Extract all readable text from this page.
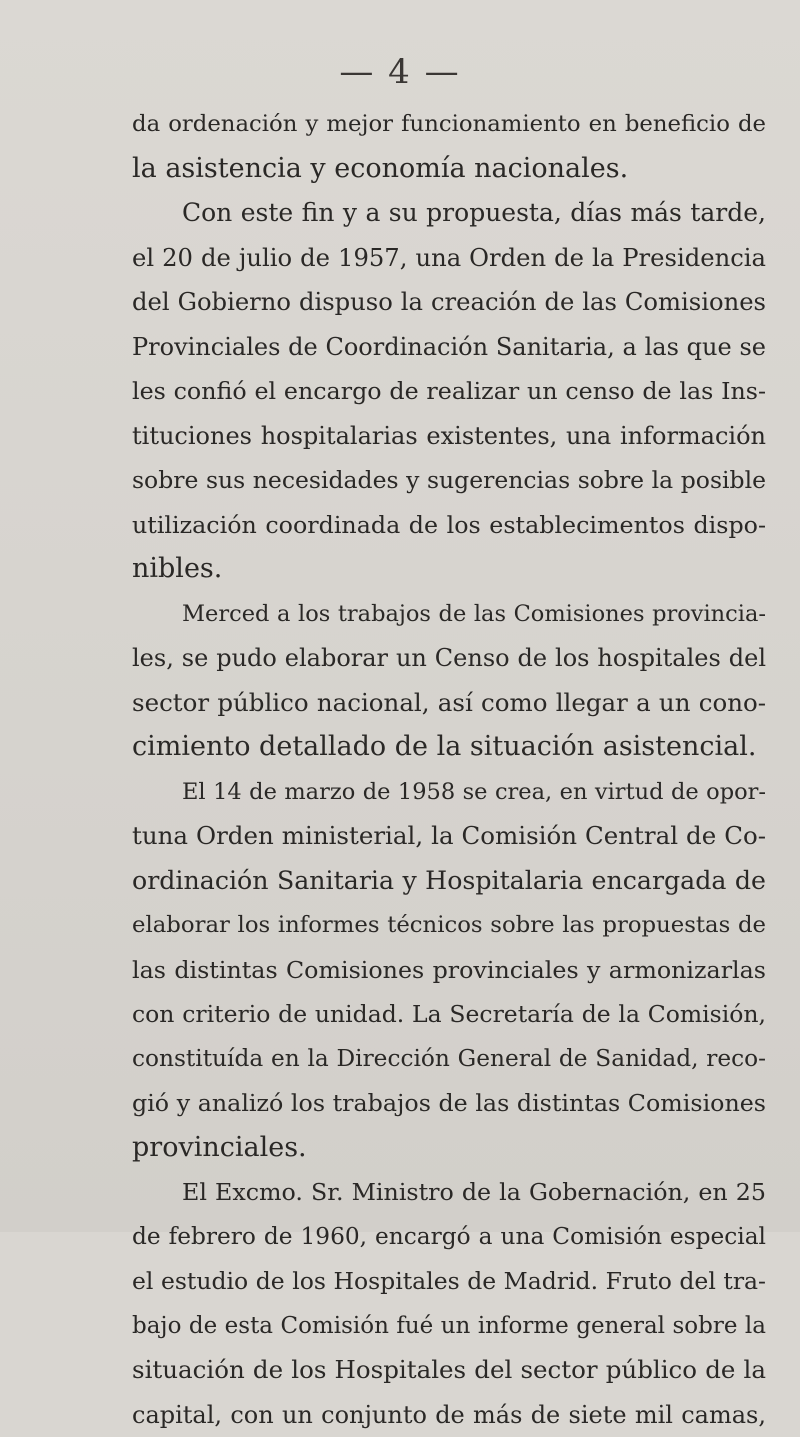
— 4 —
da ordenación y mejor funcionamiento en beneficio de
la asistencia y economía nacionales.
Con este fin y a su propuesta, días más tarde,
el 20 de julio de 1957, una Orden de la Presidencia
del Gobierno dispuso la creación de las Comisiones
Provinciales de Coordinación Sanitaria, a las que se
les confió el encargo de realizar un censo de las Ins-
tituciones hospitalarias existentes, una información
sobre sus necesidades y sugerencias sobre la posible
utilización coordinada de los establecimentos dispo-
nibles.
Merced a los trabajos de las Comisiones provincia-
les, se pudo elaborar un Censo de los hospitales del
sector público nacional, así como llegar a un cono-
cimiento detallado de la situación asistencial.
El 14 de marzo de 1958 se crea, en virtud de opor-
tuna Orden ministerial, la Comisión Central de Co-
ordinación Sanitaria y Hospitalaria encargada de
elaborar los informes técnicos sobre las propuestas de
las distintas Comisiones provinciales y armonizarlas
con criterio de unidad. La Secretaría de la Comisión,
constituída en la Dirección General de Sanidad, reco-
gió y analizó los trabajos de las distintas Comisiones
provinciales.
El Excmo. Sr. Ministro de la Gobernación, en 25
de febrero de 1960, encargó a una Comisión especial
el estudio de los Hospitales de Madrid. Fruto del tra-
bajo de esta Comisión fué un informe general sobre la
situación de los Hospitales del sector público de la
capital, con un conjunto de más de siete mil camas,
